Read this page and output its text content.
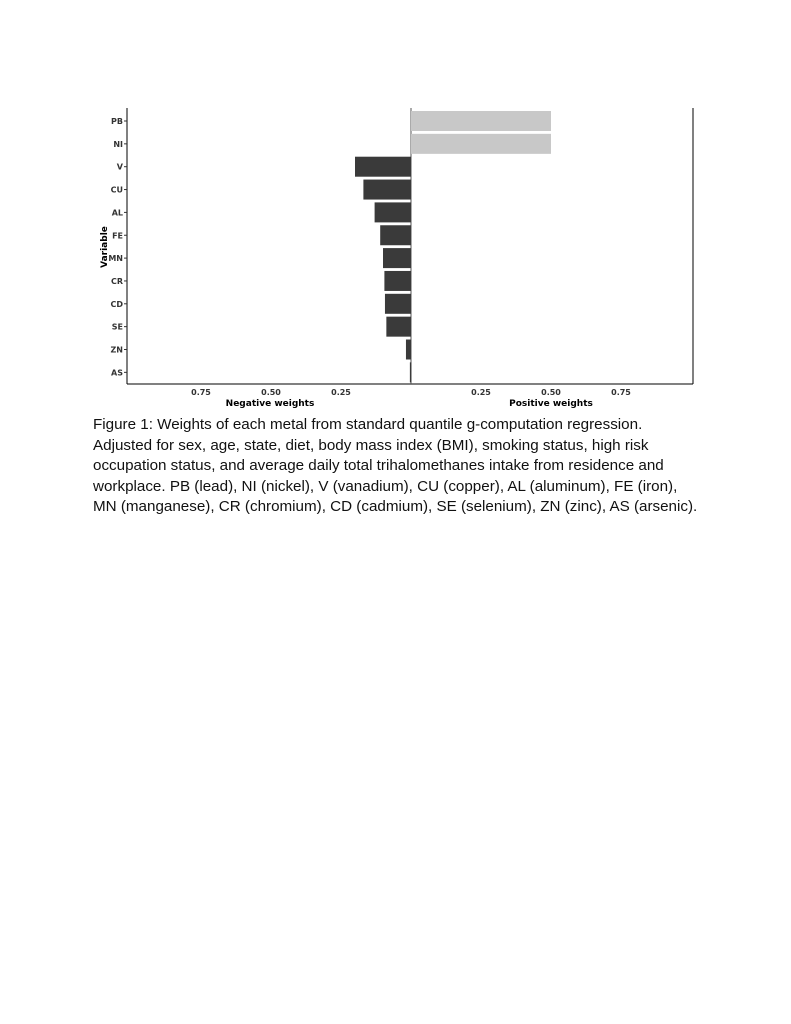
PB
NI
V
CU
AL
FE
MN
CR
CD
SE
ZN
AS
0.75	0.50	0.25	0.25	0.50	0.75
Variable
Negative weights	Positive weights

Figure 1: Weights of each metal from standard quantile g-computation regression. Adjusted for sex, age, state, diet, body mass index (BMI), smoking status, high risk occupation status, and average daily total trihalomethanes intake from residence and workplace. PB (lead), NI (nickel), V (vanadium), CU (copper), AL (aluminum), FE (iron), MN (manganese), CR (chromium), CD (cadmium), SE (selenium), ZN (zinc), AS (arsenic).
